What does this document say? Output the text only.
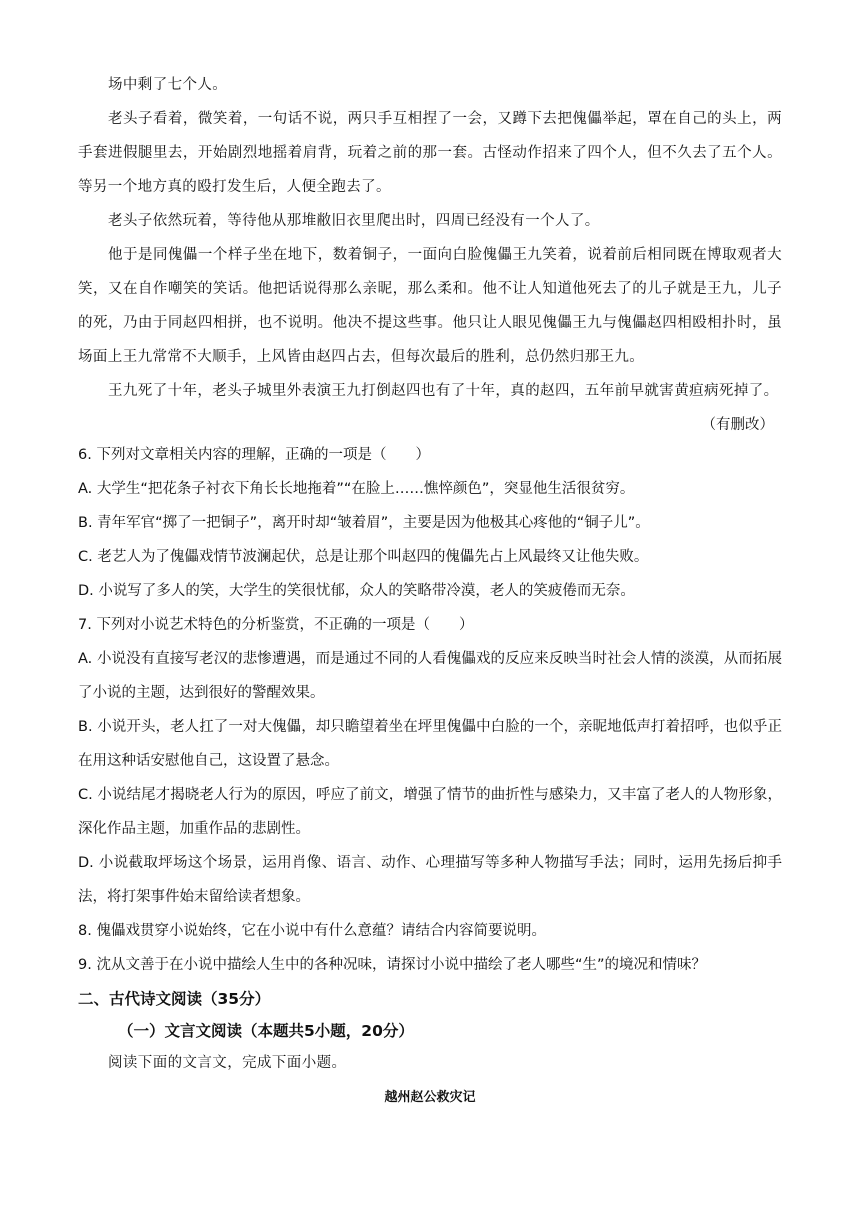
场中剩了七个人。

老头子看着，微笑着，一句话不说，两只手互相捏了一会，又蹲下去把傀儡举起，罩在自己的头上，两手套进假腿里去，开始剧烈地摇着肩背，玩着之前的那一套。古怪动作招来了四个人，但不久去了五个人。等另一个地方真的殴打发生后，人便全跑去了。

老头子依然玩着，等待他从那堆敝旧衣里爬出时，四周已经没有一个人了。

他于是同傀儡一个样子坐在地下，数着铜子，一面向白脸傀儡王九笑着，说着前后相同既在博取观者大笑，又在自作嘲笑的笑话。他把话说得那么亲昵，那么柔和。他不让人知道他死去了的儿子就是王九，儿子的死，乃由于同赵四相拼，也不说明。他决不提这些事。他只让人眼见傀儡王九与傀儡赵四相殴相扑时，虽场面上王九常常不大顺手，上风皆由赵四占去，但每次最后的胜利，总仍然归那王九。

王九死了十年，老头子城里外表演王九打倒赵四也有了十年，真的赵四，五年前早就害黄疸病死掉了。

（有删改）

6. 下列对文章相关内容的理解，正确的一项是（　　）

A. 大学生“把花条子衬衣下角长长地拖着”“在脸上……憔悴颜色”，突显他生活很贫穷。

B. 青年军官“掷了一把铜子”，离开时却“皱着眉”，主要是因为他极其心疼他的“铜子儿”。

C. 老艺人为了傀儡戏情节波澜起伏，总是让那个叫赵四的傀儡先占上风最终又让他失败。

D. 小说写了多人的笑，大学生的笑很忧郁，众人的笑略带冷漠，老人的笑疲倦而无奈。

7. 下列对小说艺术特色的分析鉴赏，不正确的一项是（　　）

A. 小说没有直接写老汉的悲惨遭遇，而是通过不同的人看傀儡戏的反应来反映当时社会人情的淡漠，从而拓展了小说的主题，达到很好的警醒效果。

B. 小说开头，老人扛了一对大傀儡，却只瞻望着坐在坪里傀儡中白脸的一个，亲昵地低声打着招呼，也似乎正在用这种话安慰他自己，这设置了悬念。

C. 小说结尾才揭晓老人行为的原因，呼应了前文，增强了情节的曲折性与感染力，又丰富了老人的人物形象，深化作品主题，加重作品的悲剧性。

D. 小说截取坪场这个场景，运用肖像、语言、动作、心理描写等多种人物描写手法；同时，运用先扬后抑手法，将打架事件始末留给读者想象。

8. 傀儡戏贯穿小说始终，它在小说中有什么意蕴？请结合内容简要说明。

9. 沈从文善于在小说中描绘人生中的各种况味，请探讨小说中描绘了老人哪些“生”的境况和情味？

二、古代诗文阅读（35分）

（一）文言文阅读（本题共5小题，20分）

阅读下面的文言文，完成下面小题。

越州赵公救灾记
